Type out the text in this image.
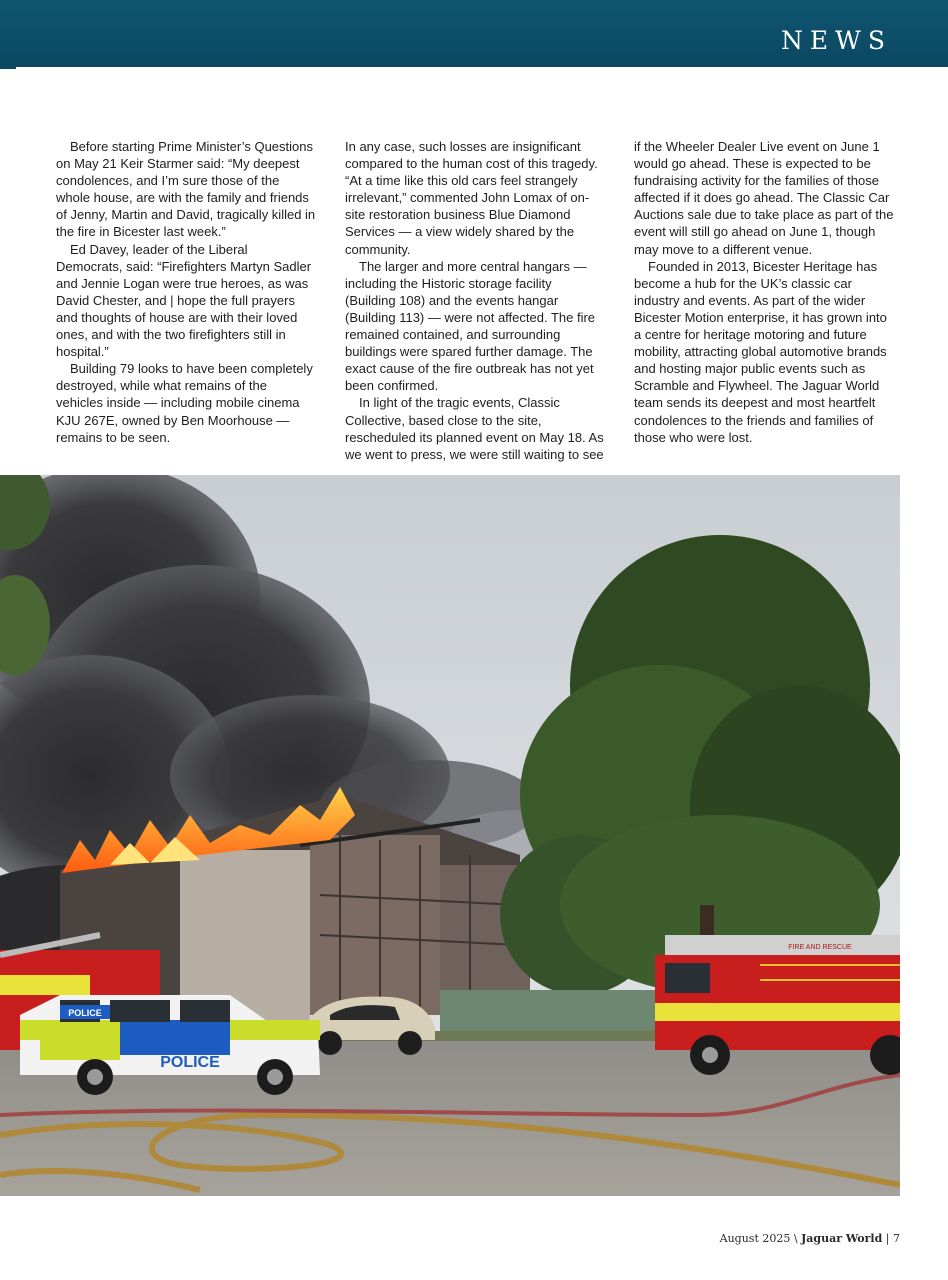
NEWS

Before starting Prime Minister’s Questions on May 21 Keir Starmer said: “My deepest condolences, and I’m sure those of the whole house, are with the family and friends of Jenny, Martin and David, tragically killed in the fire in Bicester last week.”

Ed Davey, leader of the Liberal Democrats, said: “Firefighters Martyn Sadler and Jennie Logan were true heroes, as was David Chester, and | hope the full prayers and thoughts of house are with their loved ones, and with the two firefighters still in hospital.”

Building 79 looks to have been completely destroyed, while what remains of the vehicles inside — including mobile cinema KJU 267E, owned by Ben Moorhouse — remains to be seen.

In any case, such losses are insignificant compared to the human cost of this tragedy. “At a time like this old cars feel strangely irrelevant,” commented John Lomax of on-site restoration business Blue Diamond Services — a view widely shared by the community.

The larger and more central hangars — including the Historic storage facility (Building 108) and the events hangar (Building 113) — were not affected. The fire remained contained, and surrounding buildings were spared further damage. The exact cause of the fire outbreak has not yet been confirmed.

In light of the tragic events, Classic Collective, based close to the site, rescheduled its planned event on May 18. As we went to press, we were still waiting to see

if the Wheeler Dealer Live event on June 1 would go ahead. These is expected to be fundraising activity for the families of those affected if it does go ahead. The Classic Car Auctions sale due to take place as part of the event will still go ahead on June 1, though may move to a different venue.

Founded in 2013, Bicester Heritage has become a hub for the UK’s classic car industry and events. As part of the wider Bicester Motion enterprise, it has grown into a centre for heritage motoring and future mobility, attracting global automotive brands and hosting major public events such as Scramble and Flywheel. The Jaguar World team sends its deepest and most heartfelt condolences to the friends and families of those who were lost.

POLICE
POLICE
FIRE AND RESCUE
August 2025 \ Jaguar World | 7
